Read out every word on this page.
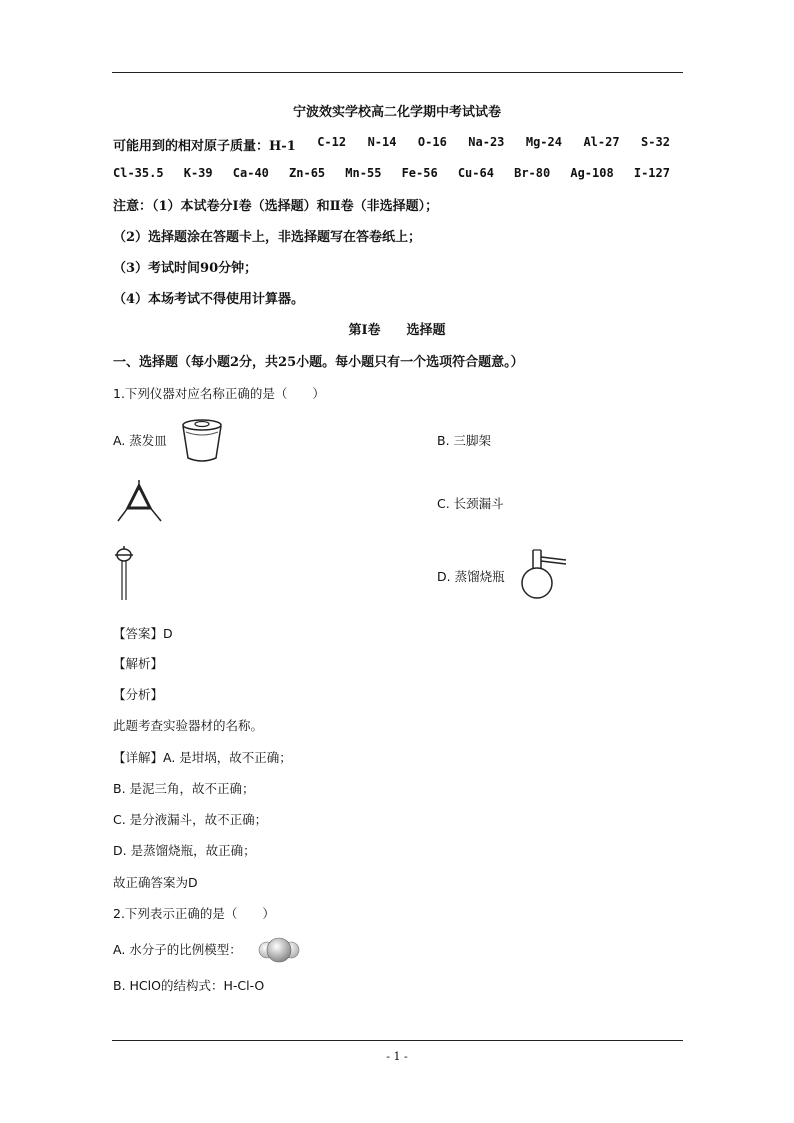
宁波效实学校高二化学期中考试试卷
可能用到的相对原子质量：H-1 C-12 N-14 O-16 Na-23 Mg-24 Al-27 S-32
Cl-35.5 K-39 Ca-40 Zn-65 Mn-55 Fe-56 Cu-64 Br-80 Ag-108 I-127
注意：（1）本试卷分Ⅰ卷（选择题）和Ⅱ卷（非选择题）；
（2）选择题涂在答题卡上，非选择题写在答卷纸上；
（3）考试时间90分钟；
（4）本场考试不得使用计算器。
第Ⅰ卷　　选择题
一、选择题（每小题2分，共25小题。每小题只有一个选项符合题意。）
1.下列仪器对应名称正确的是（　　）
A. 蒸发皿	B. 三脚架
C. 长颈漏斗
D. 蒸馏烧瓶
【答案】D
【解析】
【分析】
此题考查实验器材的名称。
【详解】A. 是坩埚，故不正确；
B. 是泥三角，故不正确；
C. 是分液漏斗，故不正确；
D. 是蒸馏烧瓶，故正确；
故正确答案为D
2.下列表示正确的是（　　）
A. 水分子的比例模型：
B. HClO的结构式：H-Cl-O
- 1 -
